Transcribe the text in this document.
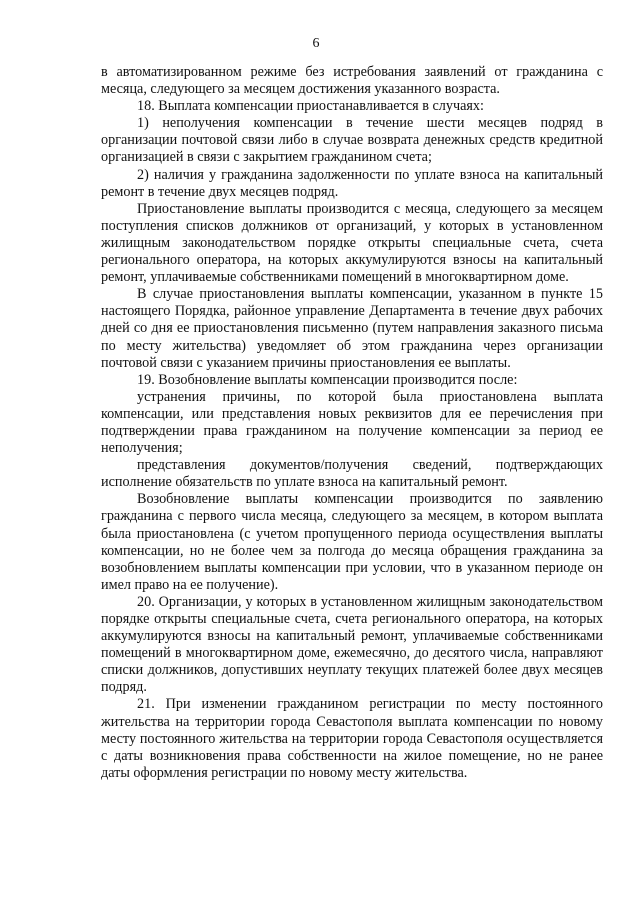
6

в автоматизированном режиме без истребования заявлений от гражданина с месяца, следующего за месяцем достижения указанного возраста.

18. Выплата компенсации приостанавливается в случаях:

1) неполучения компенсации в течение шести месяцев подряд в организации почтовой связи либо в случае возврата денежных средств кредитной организацией в связи с закрытием гражданином счета;

2) наличия у гражданина задолженности по уплате взноса на капитальный ремонт в течение двух месяцев подряд.

Приостановление выплаты производится с месяца, следующего за месяцем поступления списков должников от организаций, у которых в установленном жилищным законодательством порядке открыты специальные счета, счета регионального оператора, на которых аккумулируются взносы на капитальный ремонт, уплачиваемые собственниками помещений в многоквартирном доме.

В случае приостановления выплаты компенсации, указанном в пункте 15 настоящего Порядка, районное управление Департамента в течение двух рабочих дней со дня ее приостановления письменно (путем направления заказного письма по месту жительства) уведомляет об этом гражданина через организации почтовой связи с указанием причины приостановления ее выплаты.

19. Возобновление выплаты компенсации производится после:

устранения причины, по которой была приостановлена выплата компенсации, или представления новых реквизитов для ее перечисления при подтверждении права гражданином на получение компенсации за период ее неполучения;

представления документов/получения сведений, подтверждающих исполнение обязательств по уплате взноса на капитальный ремонт.

Возобновление выплаты компенсации производится по заявлению гражданина с первого числа месяца, следующего за месяцем, в котором выплата была приостановлена (с учетом пропущенного периода осуществления выплаты компенсации, но не более чем за полгода до месяца обращения гражданина за возобновлением выплаты компенсации при условии, что в указанном периоде он имел право на ее получение).

20. Организации, у которых в установленном жилищным законодательством порядке открыты специальные счета, счета регионального оператора, на которых аккумулируются взносы на капитальный ремонт, уплачиваемые собственниками помещений в многоквартирном доме, ежемесячно, до десятого числа, направляют списки должников, допустивших неуплату текущих платежей более двух месяцев подряд.

21. При изменении гражданином регистрации по месту постоянного жительства на территории города Севастополя выплата компенсации по новому месту постоянного жительства на территории города Севастополя осуществляется с даты возникновения права собственности на жилое помещение, но не ранее даты оформления регистрации по новому месту жительства.
